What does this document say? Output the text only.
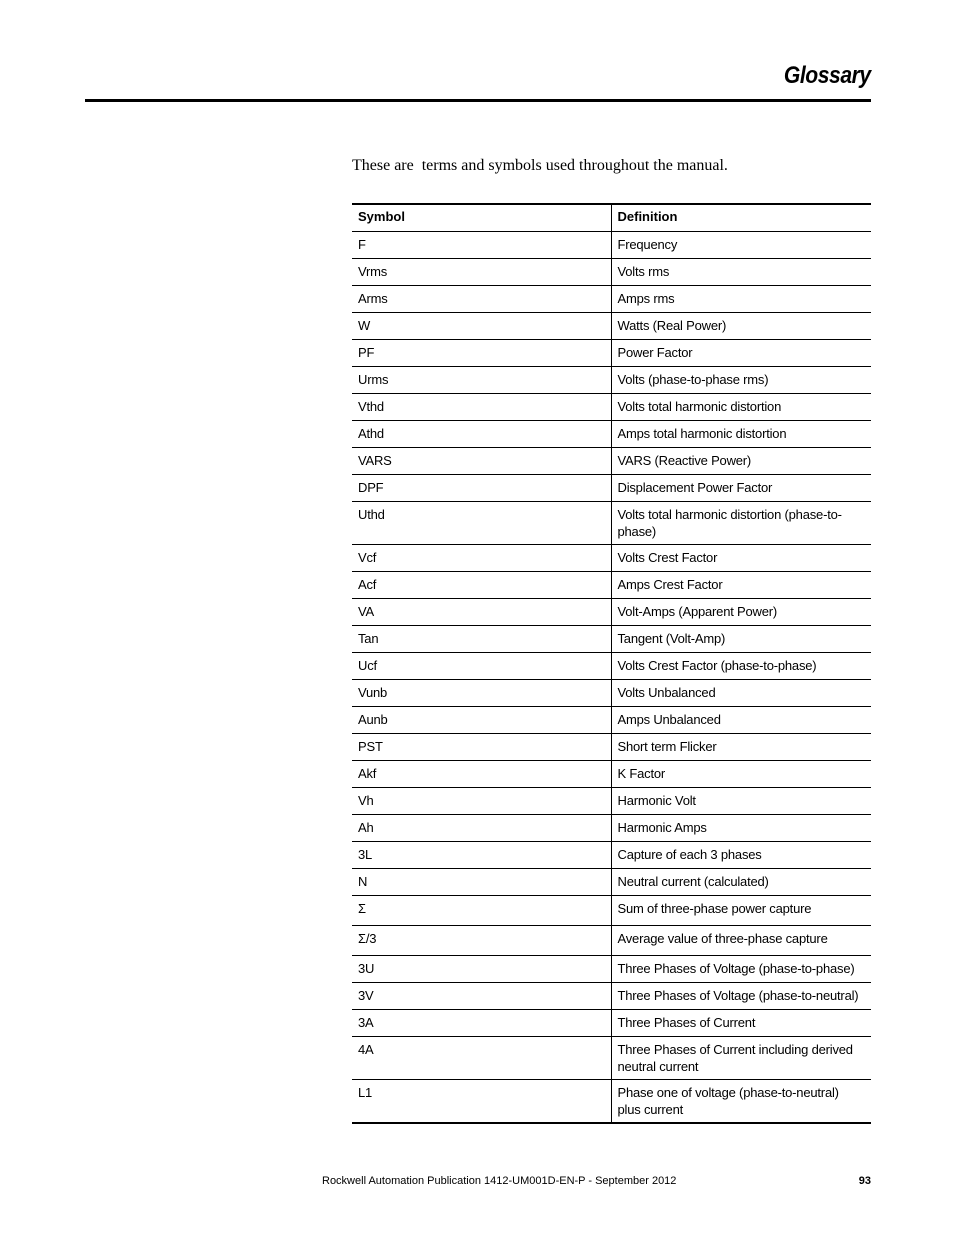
Glossary
These are  terms and symbols used throughout the manual.
Symbol	Definition
F	Frequency
Vrms	Volts rms
Arms	Amps rms
W	Watts (Real Power)
PF	Power Factor
Urms	Volts (phase-to-phase rms)
Vthd	Volts total harmonic distortion
Athd	Amps total harmonic distortion
VARS	VARS (Reactive Power)
DPF	Displacement Power Factor
Uthd	Volts total harmonic distortion (phase-to-phase)
Vcf	Volts Crest Factor
Acf	Amps Crest Factor
VA	Volt-Amps (Apparent Power)
Tan	Tangent (Volt-Amp)
Ucf	Volts Crest Factor (phase-to-phase)
Vunb	Volts Unbalanced
Aunb	Amps Unbalanced
PST	Short term Flicker
Akf	K Factor
Vh	Harmonic Volt
Ah	Harmonic Amps
3L	Capture of each 3 phases
N	Neutral current (calculated)
Σ	Sum of three-phase power capture
Σ/3	Average value of three-phase capture
3U	Three Phases of Voltage (phase-to-phase)
3V	Three Phases of Voltage (phase-to-neutral)
3A	Three Phases of Current
4A	Three Phases of Current including derived neutral current
L1	Phase one of voltage (phase-to-neutral) plus current
Rockwell Automation Publication 1412-UM001D-EN-P - September 2012	93
